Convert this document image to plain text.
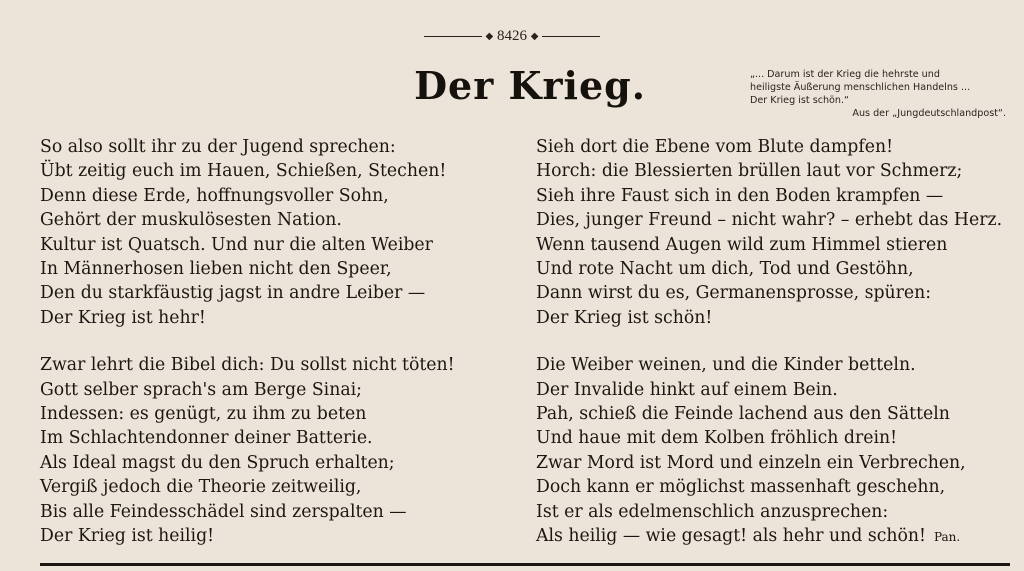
◆ 8426 ◆
Der Krieg.	„... Darum ist der Krieg die hehrste und
heiligste Äußerung menschlichen Handelns ...
Der Krieg ist schön.“
Aus der „Jungdeutschlandpost“.
So also sollt ihr zu der Jugend sprechen:
Übt zeitig euch im Hauen, Schießen, Stechen!
Denn diese Erde, hoffnungsvoller Sohn,
Gehört der muskulösesten Nation.
Kultur ist Quatsch. Und nur die alten Weiber
In Männerhosen lieben nicht den Speer,
Den du starkfäustig jagst in andre Leiber —
Der Krieg ist hehr!
Zwar lehrt die Bibel dich: Du sollst nicht töten!
Gott selber sprach's am Berge Sinai;
Indessen: es genügt, zu ihm zu beten
Im Schlachtendonner deiner Batterie.
Als Ideal magst du den Spruch erhalten;
Vergiß jedoch die Theorie zeitweilig,
Bis alle Feindesschädel sind zerspalten —
Der Krieg ist heilig!
Sieh dort die Ebene vom Blute dampfen!
Horch: die Blessierten brüllen laut vor Schmerz;
Sieh ihre Faust sich in den Boden krampfen —
Dies, junger Freund – nicht wahr? – erhebt das Herz.
Wenn tausend Augen wild zum Himmel stieren
Und rote Nacht um dich, Tod und Gestöhn,
Dann wirst du es, Germanensprosse, spüren:
Der Krieg ist schön!
Die Weiber weinen, und die Kinder betteln.
Der Invalide hinkt auf einem Bein.
Pah, schieß die Feinde lachend aus den Sätteln
Und haue mit dem Kolben fröhlich drein!
Zwar Mord ist Mord und einzeln ein Verbrechen,
Doch kann er möglichst massenhaft geschehn,
Ist er als edelmenschlich anzusprechen:
Als heilig — wie gesagt! als hehr und schön! Pan.
